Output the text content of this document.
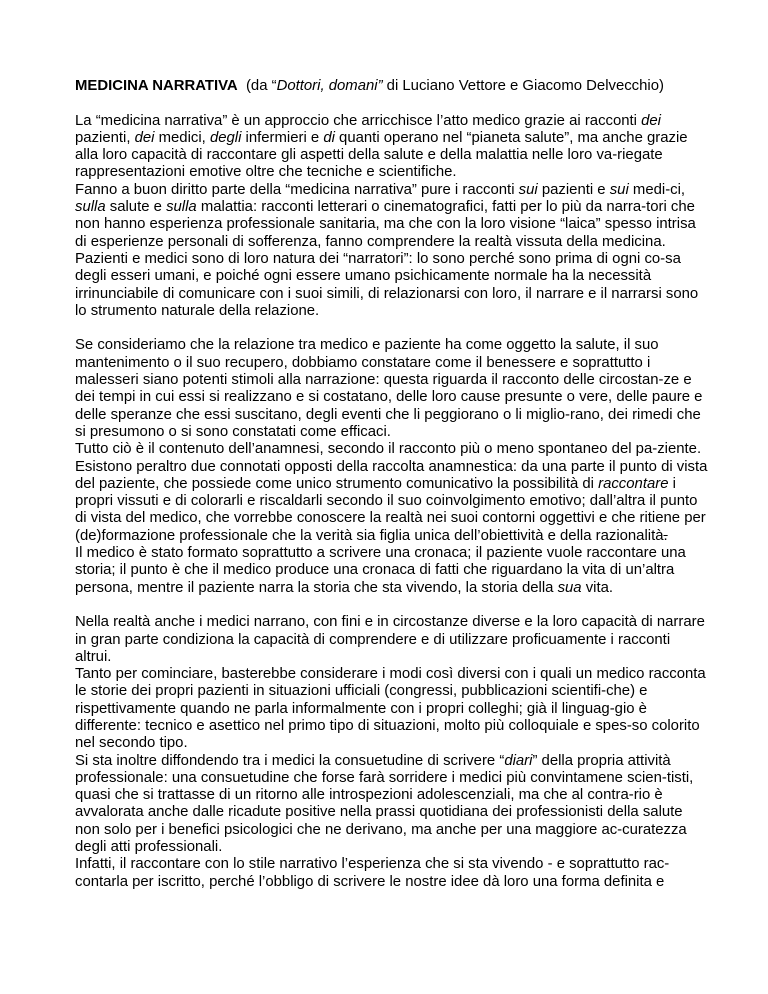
MEDICINA NARRATIVA (da “Dottori, domani” di Luciano Vettore e Giacomo Delvecchio)

La “medicina narrativa” è un approccio che arricchisce l’atto medico grazie ai racconti dei pazienti, dei medici, degli infermieri e di quanti operano nel “pianeta salute”, ma anche grazie alla loro capacità di raccontare gli aspetti della salute e della malattia nelle loro va-riegate rappresentazioni emotive oltre che tecniche e scientifiche.

Fanno a buon diritto parte della “medicina narrativa” pure i racconti sui pazienti e sui medi-ci, sulla salute e sulla malattia: racconti letterari o cinematografici, fatti per lo più da narra-tori che non hanno esperienza professionale sanitaria, ma che con la loro visione “laica” spesso intrisa di esperienze personali di sofferenza, fanno comprendere la realtà vissuta della medicina.

Pazienti e medici sono di loro natura dei “narratori”: lo sono perché sono prima di ogni co-sa degli esseri umani, e poiché ogni essere umano psichicamente normale ha la necessità irrinunciabile di comunicare con i suoi simili, di relazionarsi con loro, il narrare e il narrarsi sono lo strumento naturale della relazione.

Se consideriamo che la relazione tra medico e paziente ha come oggetto la salute, il suo mantenimento o il suo recupero, dobbiamo constatare come il benessere e soprattutto i malesseri siano potenti stimoli alla narrazione: questa riguarda il racconto delle circostan-ze e dei tempi in cui essi si realizzano e si costatano, delle loro cause presunte o vere, delle paure e delle speranze che essi suscitano, degli eventi che li peggiorano o li miglio-rano, dei rimedi che si presumono o si sono constatati come efficaci.

Tutto ciò è il contenuto dell’anamnesi, secondo il racconto più o meno spontaneo del pa-ziente.

Esistono peraltro due connotati opposti della raccolta anamnestica: da una parte il punto di vista del paziente, che possiede come unico strumento comunicativo la possibilità di raccontare i propri vissuti e di colorarli e riscaldarli secondo il suo coinvolgimento emotivo; dall’altra il punto di vista del medico, che vorrebbe conoscere la realtà nei suoi contorni oggettivi e che ritiene per (de)formazione professionale che la verità sia figlia unica dell’obiettività e della razionalità.

Il medico è stato formato soprattutto a scrivere una cronaca; il paziente vuole raccontare una storia; il punto è che il medico produce una cronaca di fatti che riguardano la vita di un’altra persona, mentre il paziente narra la storia che sta vivendo, la storia della sua vita.

Nella realtà anche i medici narrano, con fini e in circostanze diverse e la loro capacità di narrare in gran parte condiziona la capacità di comprendere e di utilizzare proficuamente i racconti altrui.

Tanto per cominciare, basterebbe considerare i modi così diversi con i quali un medico racconta le storie dei propri pazienti in situazioni ufficiali (congressi, pubblicazioni scientifi-che) e rispettivamente quando ne parla informalmente con i propri colleghi; già il linguag-gio è differente: tecnico e asettico nel primo tipo di situazioni, molto più colloquiale e spes-so colorito nel secondo tipo.

Si sta inoltre diffondendo tra i medici la consuetudine di scrivere “diari” della propria attività professionale: una consuetudine che forse farà sorridere i medici più convintamene scien-tisti, quasi che si trattasse di un ritorno alle introspezioni adolescenziali, ma che al contra-rio è avvalorata anche dalle ricadute positive nella prassi quotidiana dei professionisti della salute non solo per i benefici psicologici che ne derivano, ma anche per una maggiore ac-curatezza degli atti professionali.

Infatti, il raccontare con lo stile narrativo l’esperienza che si sta vivendo - e soprattutto rac-contarla per iscritto, perché l’obbligo di scrivere le nostre idee dà loro una forma definita e
